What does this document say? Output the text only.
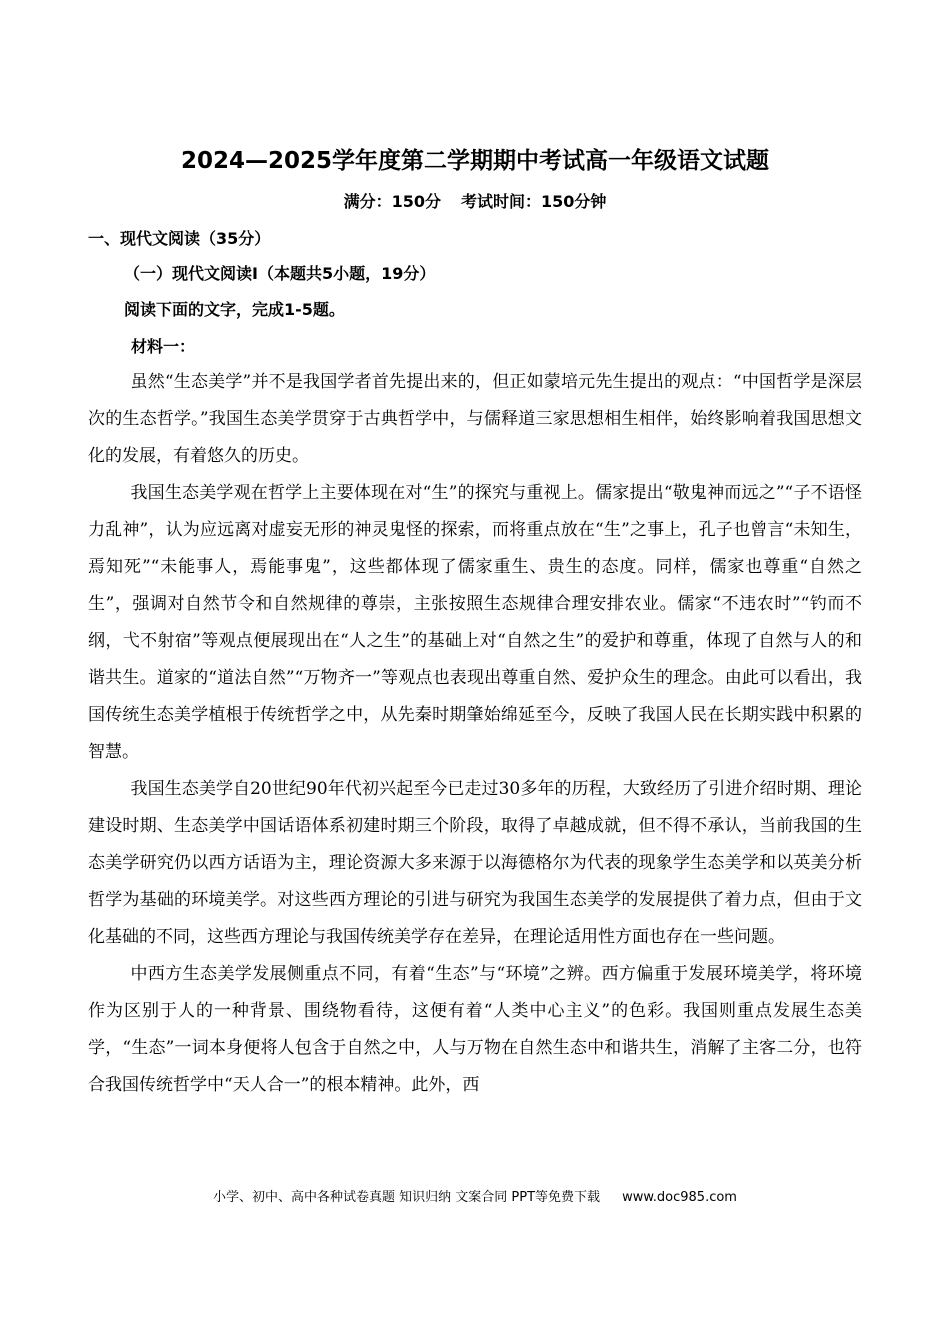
2024—2025学年度第二学期期中考试高一年级语文试题
满分：150分 考试时间：150分钟
一、现代文阅读（35分）
（一）现代文阅读Ⅰ（本题共5小题，19分）
阅读下面的文字，完成1-5题。
材料一：

虽然“生态美学”并不是我国学者首先提出来的，但正如蒙培元先生提出的观点：“中国哲学是深层次的生态哲学。”我国生态美学贯穿于古典哲学中，与儒释道三家思想相生相伴，始终影响着我国思想文化的发展，有着悠久的历史。

我国生态美学观在哲学上主要体现在对“生”的探究与重视上。儒家提出“敬鬼神而远之”“子不语怪力乱神”，认为应远离对虚妄无形的神灵鬼怪的探索，而将重点放在“生”之事上，孔子也曾言“未知生，焉知死”“未能事人，焉能事鬼”，这些都体现了儒家重生、贵生的态度。同样，儒家也尊重“自然之生”，强调对自然节令和自然规律的尊崇，主张按照生态规律合理安排农业。儒家“不违农时”“钓而不纲，弋不射宿”等观点便展现出在“人之生”的基础上对“自然之生”的爱护和尊重，体现了自然与人的和谐共生。道家的“道法自然”“万物齐一”等观点也表现出尊重自然、爱护众生的理念。由此可以看出，我国传统生态美学植根于传统哲学之中，从先秦时期肇始绵延至今，反映了我国人民在长期实践中积累的智慧。

我国生态美学自20世纪90年代初兴起至今已走过30多年的历程，大致经历了引进介绍时期、理论建设时期、生态美学中国话语体系初建时期三个阶段，取得了卓越成就，但不得不承认，当前我国的生态美学研究仍以西方话语为主，理论资源大多来源于以海德格尔为代表的现象学生态美学和以英美分析哲学为基础的环境美学。对这些西方理论的引进与研究为我国生态美学的发展提供了着力点，但由于文化基础的不同，这些西方理论与我国传统美学存在差异，在理论适用性方面也存在一些问题。

中西方生态美学发展侧重点不同，有着“生态”与“环境”之辨。西方偏重于发展环境美学，将环境作为区别于人的一种背景、围绕物看待，这便有着“人类中心主义”的色彩。我国则重点发展生态美学，“生态”一词本身便将人包含于自然之中，人与万物在自然生态中和谐共生，消解了主客二分，也符合我国传统哲学中“天人合一”的根本精神。此外，西

小学、初中、高中各种试卷真题 知识归纳 文案合同 PPT等免费下载 www.doc985.com
